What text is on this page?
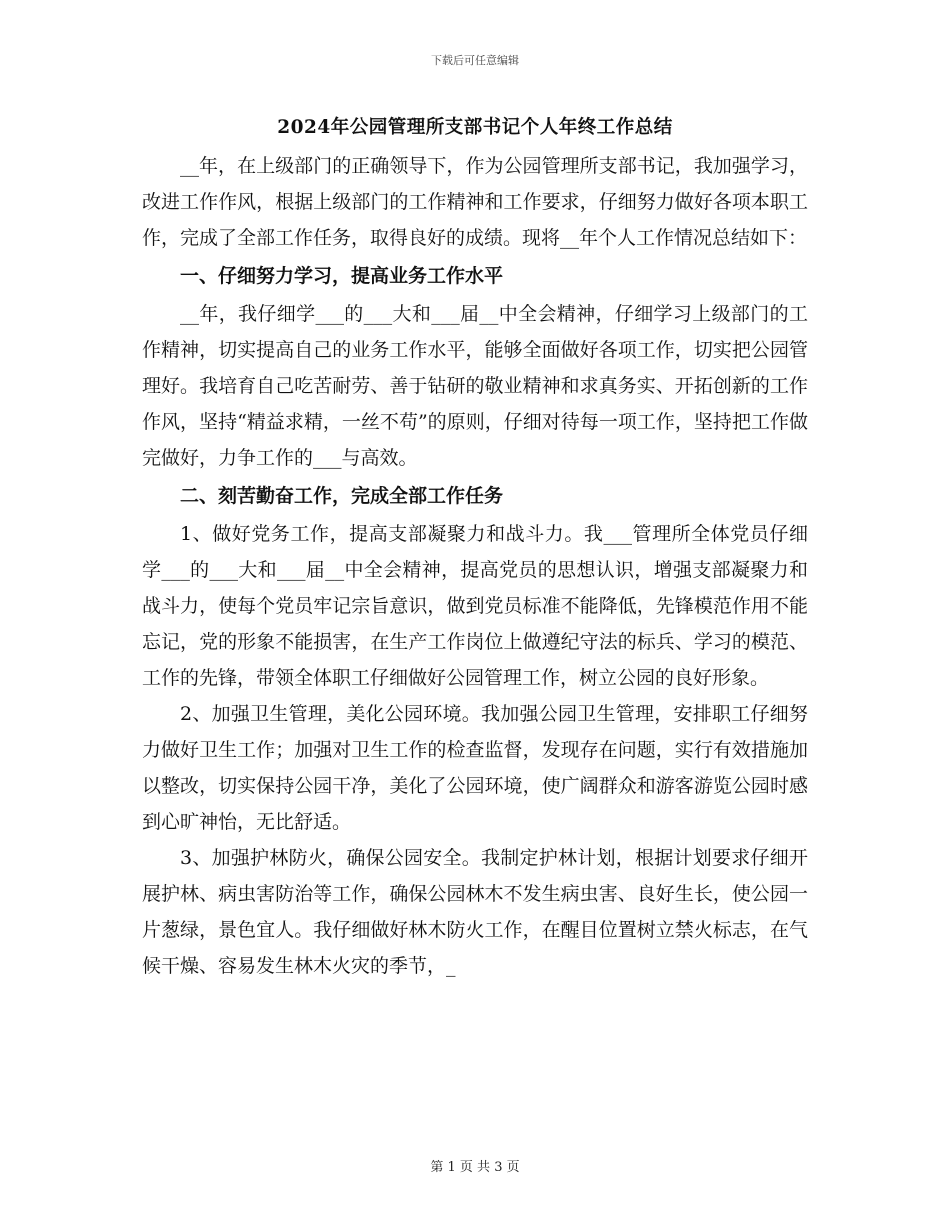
下载后可任意编辑
2024年公园管理所支部书记个人年终工作总结

__年，在上级部门的正确领导下，作为公园管理所支部书记，我加强学习，改进工作作风，根据上级部门的工作精神和工作要求，仔细努力做好各项本职工作，完成了全部工作任务，取得良好的成绩。现将__年个人工作情况总结如下：

一、仔细努力学习，提高业务工作水平

__年，我仔细学___的___大和___届__中全会精神，仔细学习上级部门的工作精神，切实提高自己的业务工作水平，能够全面做好各项工作，切实把公园管理好。我培育自己吃苦耐劳、善于钻研的敬业精神和求真务实、开拓创新的工作作风，坚持“精益求精，一丝不苟”的原则，仔细对待每一项工作，坚持把工作做完做好，力争工作的___与高效。

二、刻苦勤奋工作，完成全部工作任务

1、做好党务工作，提高支部凝聚力和战斗力。我___管理所全体党员仔细学___的___大和___届__中全会精神，提高党员的思想认识，增强支部凝聚力和战斗力，使每个党员牢记宗旨意识，做到党员标准不能降低，先锋模范作用不能忘记，党的形象不能损害，在生产工作岗位上做遵纪守法的标兵、学习的模范、工作的先锋，带领全体职工仔细做好公园管理工作，树立公园的良好形象。

2、加强卫生管理，美化公园环境。我加强公园卫生管理，安排职工仔细努力做好卫生工作；加强对卫生工作的检查监督，发现存在问题，实行有效措施加以整改，切实保持公园干净，美化了公园环境，使广阔群众和游客游览公园时感到心旷神怡，无比舒适。

3、加强护林防火，确保公园安全。我制定护林计划，根据计划要求仔细开展护林、病虫害防治等工作，确保公园林木不发生病虫害、良好生长，使公园一片葱绿，景色宜人。我仔细做好林木防火工作，在醒目位置树立禁火标志，在气候干燥、容易发生林木火灾的季节，_

第 1 页 共 3 页
